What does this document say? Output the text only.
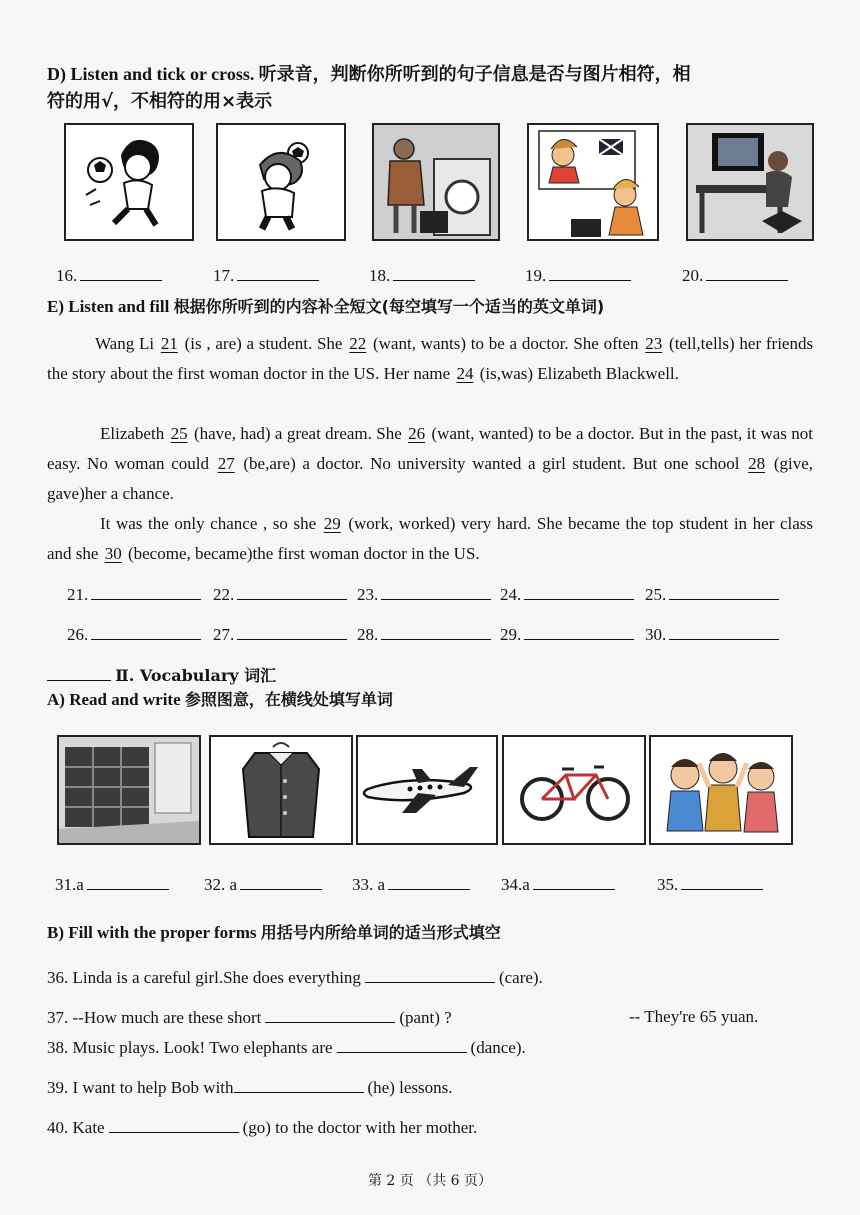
D) Listen and tick or cross. 听录音，判断你所听到的句子信息是否与图片相符，相
符的用√，不相符的用×表示
16.	17.	18.	19.	20.
E) Listen and fill 根据你所听到的内容补全短文(每空填写一个适当的英文单词)
Wang Li 21 (is , are) a student. She 22 (want, wants) to be a doctor. She often 23 (tell,tells) her friends the story about the first woman doctor in the US. Her name 24 (is,was) Elizabeth Blackwell.
Elizabeth 25 (have, had) a great dream. She 26 (want, wanted) to be a doctor. But in the past, it was not easy. No woman could 27 (be,are) a doctor. No university wanted a girl student. But one school 28 (give, gave)her a chance.
It was the only chance , so she 29 (work, worked) very hard. She became the top student in her class and she 30 (become, became)the first woman doctor in the US.
21.	22.	23.	24.	25.
26.	27.	28.	29.	30.
Ⅱ. Vocabulary 词汇
A) Read and write 参照图意，在横线处填写单词
31.a	32. a	33. a	34.a	35.
B) Fill with the proper forms 用括号内所给单词的适当形式填空
36. Linda is a careful girl.She does everything	(care).
37. --How much are these short	(pant) ?	-- They're 65 yuan.
38. Music plays. Look! Two elephants are	(dance).
39. I want to help Bob with	(he) lessons.
40. Kate	(go) to the doctor with her mother.
第 2 页 （共 6 页）
